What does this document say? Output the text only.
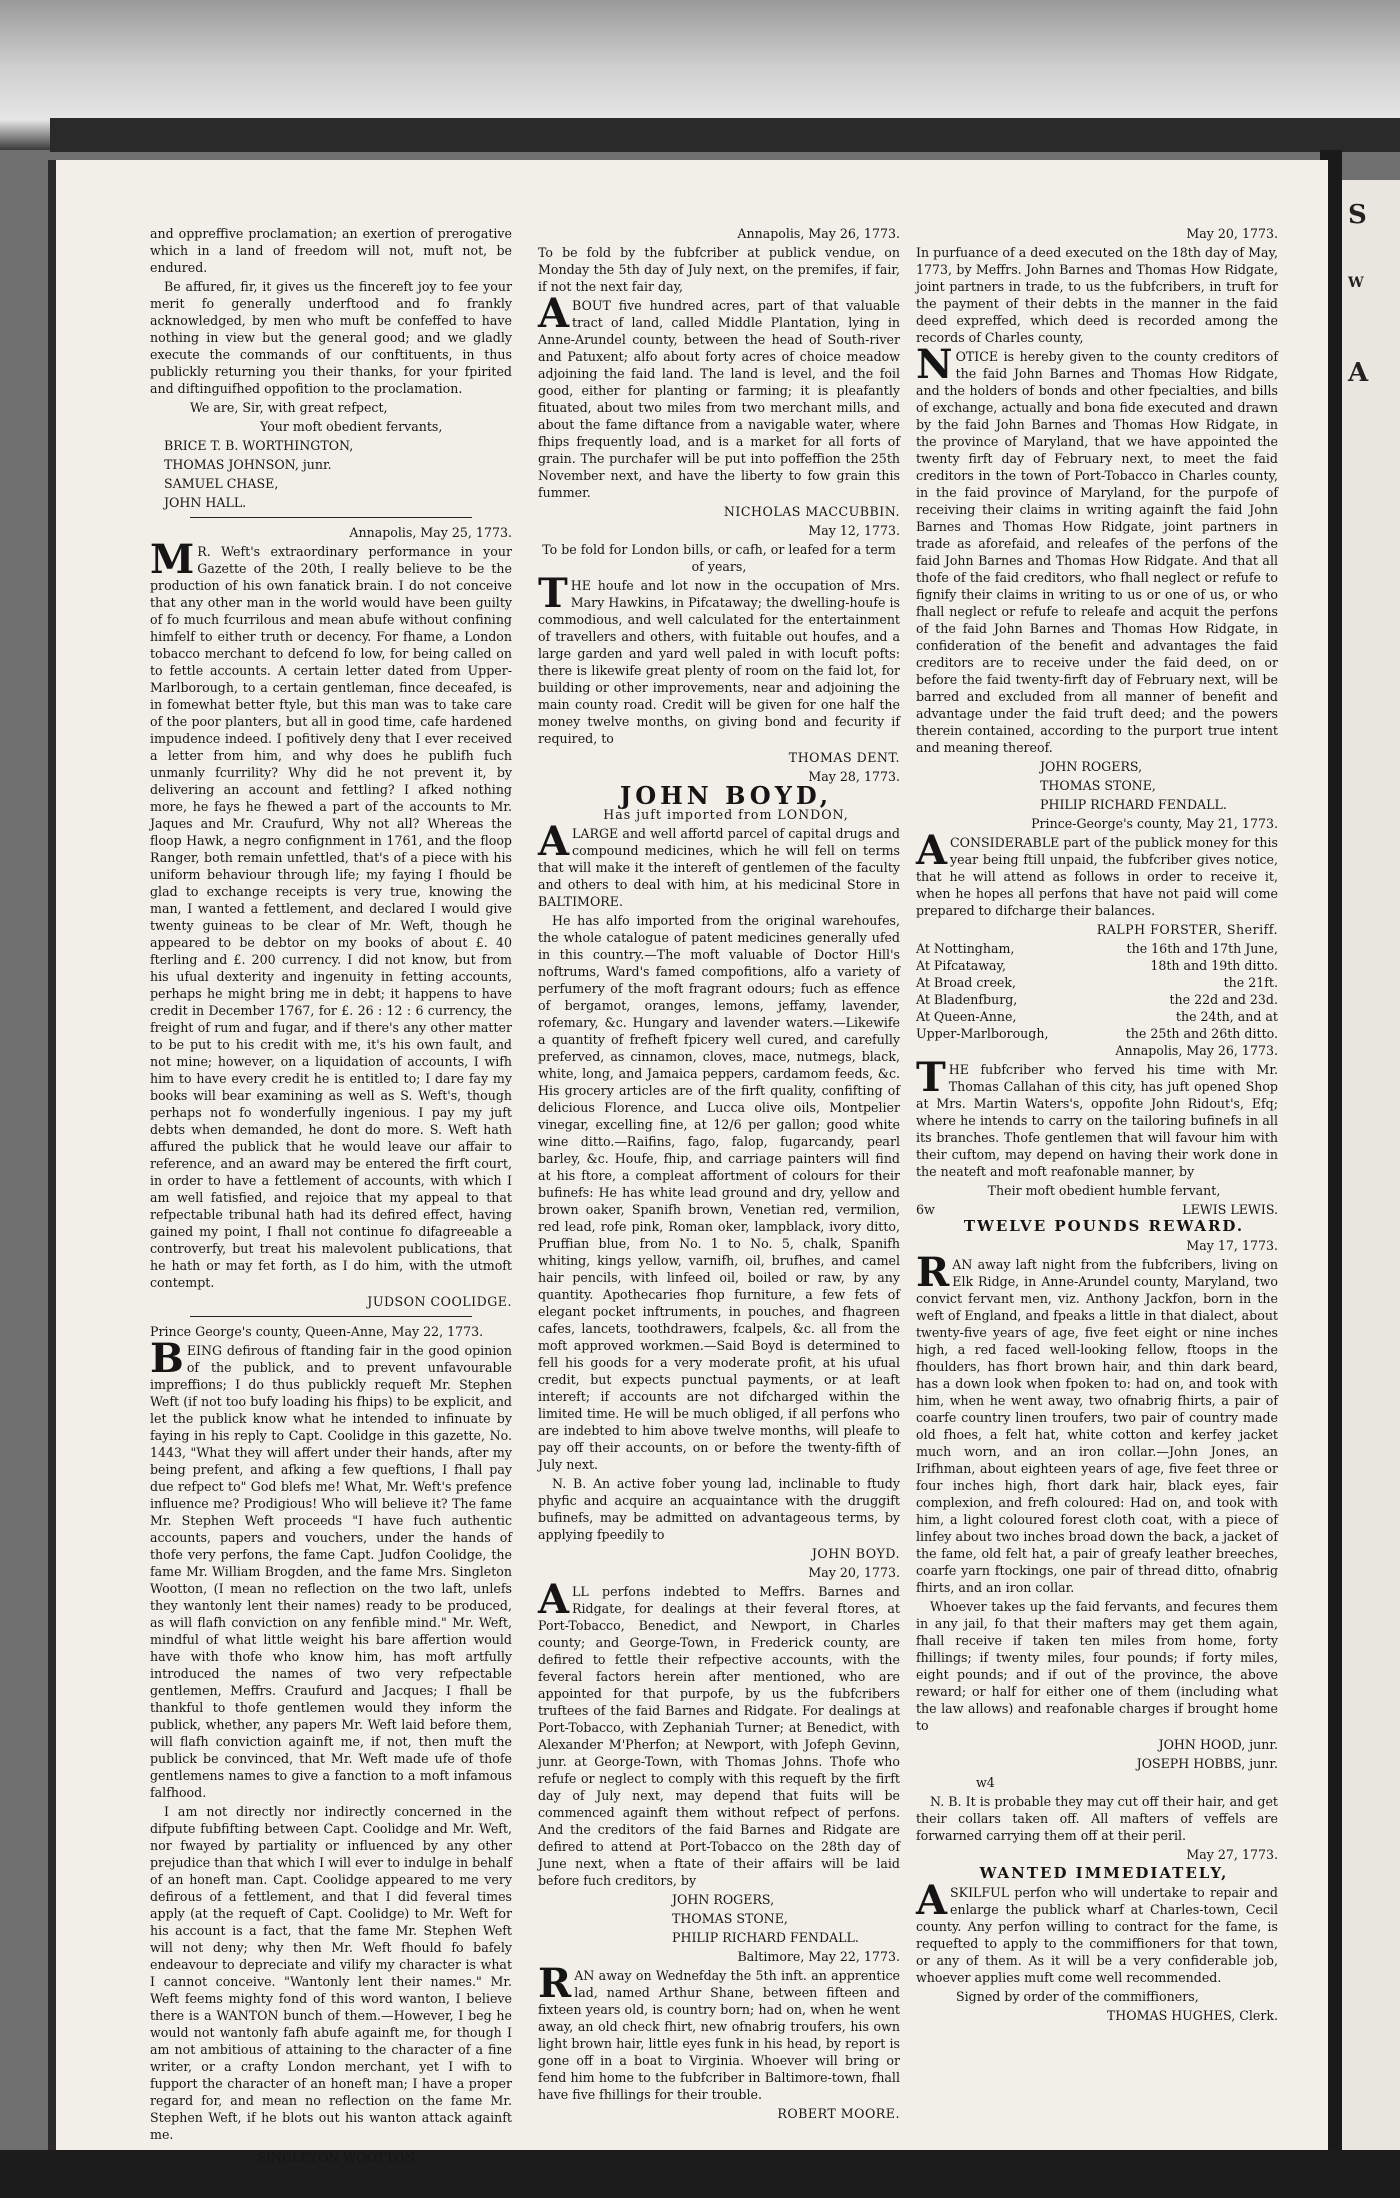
S
W
A

and oppreffive proclamation; an exertion of prerogative which in a land of freedom will not, muft not, be endured.

Be affured, fir, it gives us the fincereft joy to fee your merit fo generally underftood and fo frankly acknowledged, by men who muft be confeffed to have nothing in view but the general good; and we gladly execute the commands of our conftituents, in thus publickly returning you their thanks, for your fpirited and diftinguifhed oppofition to the proclamation.

We are, Sir, with great refpect,

Your moft obedient fervants,

BRICE T. B. WORTHINGTON,

THOMAS JOHNSON, junr.

SAMUEL CHASE,

JOHN HALL.

Annapolis, May 25, 1773.

MR. Weft's extraordinary performance in your Gazette of the 20th, I really believe to be the production of his own fanatick brain. I do not conceive that any other man in the world would have been guilty of fo much fcurrilous and mean abufe without confining himfelf to either truth or decency. For fhame, a London tobacco merchant to defcend fo low, for being called on to fettle accounts. A certain letter dated from Upper-Marlborough, to a certain gentleman, fince deceafed, is in fomewhat better ftyle, but this man was to take care of the poor planters, but all in good time, cafe hardened impudence indeed. I pofitively deny that I ever received a letter from him, and why does he publifh fuch unmanly fcurrility? Why did he not prevent it, by delivering an account and fettling? I afked nothing more, he fays he fhewed a part of the accounts to Mr. Jaques and Mr. Craufurd, Why not all? Whereas the floop Hawk, a negro confignment in 1761, and the floop Ranger, both remain unfettled, that's of a piece with his uniform behaviour through life; my faying I fhould be glad to exchange receipts is very true, knowing the man, I wanted a fettlement, and declared I would give twenty guineas to be clear of Mr. Weft, though he appeared to be debtor on my books of about £. 40 fterling and £. 200 currency. I did not know, but from his ufual dexterity and ingenuity in fetting accounts, perhaps he might bring me in debt; it happens to have credit in December 1767, for £. 26 : 12 : 6 currency, the freight of rum and fugar, and if there's any other matter to be put to his credit with me, it's his own fault, and not mine; however, on a liquidation of accounts, I wifh him to have every credit he is entitled to; I dare fay my books will bear examining as well as S. Weft's, though perhaps not fo wonderfully ingenious. I pay my juft debts when demanded, he dont do more. S. Weft hath affured the publick that he would leave our affair to reference, and an award may be entered the firft court, in order to have a fettlement of accounts, with which I am well fatisfied, and rejoice that my appeal to that refpectable tribunal hath had its defired effect, having gained my point, I fhall not continue fo difagreeable a controverfy, but treat his malevolent publications, that he hath or may fet forth, as I do him, with the utmoft contempt.

JUDSON COOLIDGE.

Prince George's county, Queen-Anne, May 22, 1773.

BEING defirous of ftanding fair in the good opinion of the publick, and to prevent unfavourable impreffions; I do thus publickly requeft Mr. Stephen Weft (if not too bufy loading his fhips) to be explicit, and let the publick know what he intended to infinuate by faying in his reply to Capt. Coolidge in this gazette, No. 1443, "What they will affert under their hands, after my being prefent, and afking a few queftions, I fhall pay due refpect to" God blefs me! What, Mr. Weft's prefence influence me? Prodigious! Who will believe it? The fame Mr. Stephen Weft proceeds "I have fuch authentic accounts, papers and vouchers, under the hands of thofe very perfons, the fame Capt. Judfon Coolidge, the fame Mr. William Brogden, and the fame Mrs. Singleton Wootton, (I mean no reflection on the two laft, unlefs they wantonly lent their names) ready to be produced, as will flafh conviction on any fenfible mind." Mr. Weft, mindful of what little weight his bare affertion would have with thofe who know him, has moft artfully introduced the names of two very refpectable gentlemen, Meffrs. Craufurd and Jacques; I fhall be thankful to thofe gentlemen would they inform the publick, whether, any papers Mr. Weft laid before them, will flafh conviction againft me, if not, then muft the publick be convinced, that Mr. Weft made ufe of thofe gentlemens names to give a fanction to a moft infamous falfhood.

I am not directly nor indirectly concerned in the difpute fubfifting between Capt. Coolidge and Mr. Weft, nor fwayed by partiality or influenced by any other prejudice than that which I will ever to indulge in behalf of an honeft man. Capt. Coolidge appeared to me very defirous of a fettlement, and that I did feveral times apply (at the requeft of Capt. Coolidge) to Mr. Weft for his account is a fact, that the fame Mr. Stephen Weft will not deny; why then Mr. Weft fhould fo bafely endeavour to depreciate and vilify my character is what I cannot conceive. "Wantonly lent their names." Mr. Weft feems mighty fond of this word wanton, I believe there is a WANTON bunch of them.—However, I beg he would not wantonly fafh abufe againft me, for though I am not ambitious of attaining to the character of a fine writer, or a crafty London merchant, yet I wifh to fupport the character of an honeft man; I have a proper regard for, and mean no reflection on the fame Mr. Stephen Weft, if he blots out his wanton attack againft me.

SINGLETON WOOTTON.

Annapolis, May 26, 1773.

To be fold by the fubfcriber at publick vendue, on Monday the 5th day of July next, on the premifes, if fair, if not the next fair day,

ABOUT five hundred acres, part of that valuable tract of land, called Middle Plantation, lying in Anne-Arundel county, between the head of South-river and Patuxent; alfo about forty acres of choice meadow adjoining the faid land. The land is level, and the foil good, either for planting or farming; it is pleafantly fituated, about two miles from two merchant mills, and about the fame diftance from a navigable water, where fhips frequently load, and is a market for all forts of grain. The purchafer will be put into poffeffion the 25th November next, and have the liberty to fow grain this fummer.

NICHOLAS MACCUBBIN.

May 12, 1773.

To be fold for London bills, or cafh, or leafed for a term of years,

THE houfe and lot now in the occupation of Mrs. Mary Hawkins, in Pifcataway; the dwelling-houfe is commodious, and well calculated for the entertainment of travellers and others, with fuitable out houfes, and a large garden and yard well paled in with locuft pofts: there is likewife great plenty of room on the faid lot, for building or other improvements, near and adjoining the main county road. Credit will be given for one half the money twelve months, on giving bond and fecurity if required, to

THOMAS DENT.

May 28, 1773.

JOHN BOYD,

Has juft imported from LONDON,

ALARGE and well affortd parcel of capital drugs and compound medicines, which he will fell on terms that will make it the intereft of gentlemen of the faculty and others to deal with him, at his medicinal Store in BALTIMORE.

He has alfo imported from the original warehoufes, the whole catalogue of patent medicines generally ufed in this country.—The moft valuable of Doctor Hill's noftrums, Ward's famed compofitions, alfo a variety of perfumery of the moft fragrant odours; fuch as effence of bergamot, oranges, lemons, jeffamy, lavender, rofemary, &c. Hungary and lavender waters.—Likewife a quantity of frefheft fpicery well cured, and carefully preferved, as cinnamon, cloves, mace, nutmegs, black, white, long, and Jamaica peppers, cardamom feeds, &c. His grocery articles are of the firft quality, confifting of delicious Florence, and Lucca olive oils, Montpelier vinegar, excelling fine, at 12/6 per gallon; good white wine ditto.—Raifins, fago, falop, fugarcandy, pearl barley, &c. Houfe, fhip, and carriage painters will find at his ftore, a compleat affortment of colours for their bufinefs: He has white lead ground and dry, yellow and brown oaker, Spanifh brown, Venetian red, vermilion, red lead, rofe pink, Roman oker, lampblack, ivory ditto, Pruffian blue, from No. 1 to No. 5, chalk, Spanifh whiting, kings yellow, varnifh, oil, brufhes, and camel hair pencils, with linfeed oil, boiled or raw, by any quantity. Apothecaries fhop furniture, a few fets of elegant pocket inftruments, in pouches, and fhagreen cafes, lancets, toothdrawers, fcalpels, &c. all from the moft approved workmen.—Said Boyd is determined to fell his goods for a very moderate profit, at his ufual credit, but expects punctual payments, or at leaft intereft; if accounts are not difcharged within the limited time. He will be much obliged, if all perfons who are indebted to him above twelve months, will pleafe to pay off their accounts, on or before the twenty-fifth of July next.

N. B. An active fober young lad, inclinable to ftudy phyfic and acquire an acquaintance with the druggift bufinefs, may be admitted on advantageous terms, by applying fpeedily to

JOHN BOYD.

May 20, 1773.

ALL perfons indebted to Meffrs. Barnes and Ridgate, for dealings at their feveral ftores, at Port-Tobacco, Benedict, and Newport, in Charles county; and George-Town, in Frederick county, are defired to fettle their refpective accounts, with the feveral factors herein after mentioned, who are appointed for that purpofe, by us the fubfcribers truftees of the faid Barnes and Ridgate. For dealings at Port-Tobacco, with Zephaniah Turner; at Benedict, with Alexander M'Pherfon; at Newport, with Jofeph Gevinn, junr. at George-Town, with Thomas Johns. Thofe who refufe or neglect to comply with this requeft by the firft day of July next, may depend that fuits will be commenced againft them without refpect of perfons. And the creditors of the faid Barnes and Ridgate are defired to attend at Port-Tobacco on the 28th day of June next, when a ftate of their affairs will be laid before fuch creditors, by

JOHN ROGERS,

THOMAS STONE,

PHILIP RICHARD FENDALL.

Baltimore, May 22, 1773.

RAN away on Wednefday the 5th inft. an apprentice lad, named Arthur Shane, between fifteen and fixteen years old, is country born; had on, when he went away, an old check fhirt, new ofnabrig troufers, his own light brown hair, little eyes funk in his head, by report is gone off in a boat to Virginia. Whoever will bring or fend him home to the fubfcriber in Baltimore-town, fhall have five fhillings for their trouble.

ROBERT MOORE.

May 20, 1773.

In purfuance of a deed executed on the 18th day of May, 1773, by Meffrs. John Barnes and Thomas How Ridgate, joint partners in trade, to us the fubfcribers, in truft for the payment of their debts in the manner in the faid deed expreffed, which deed is recorded among the records of Charles county,

NOTICE is hereby given to the county creditors of the faid John Barnes and Thomas How Ridgate, and the holders of bonds and other fpecialties, and bills of exchange, actually and bona fide executed and drawn by the faid John Barnes and Thomas How Ridgate, in the province of Maryland, that we have appointed the twenty firft day of February next, to meet the faid creditors in the town of Port-Tobacco in Charles county, in the faid province of Maryland, for the purpofe of receiving their claims in writing againft the faid John Barnes and Thomas How Ridgate, joint partners in trade as aforefaid, and releafes of the perfons of the faid John Barnes and Thomas How Ridgate. And that all thofe of the faid creditors, who fhall neglect or refufe to fignify their claims in writing to us or one of us, or who fhall neglect or refufe to releafe and acquit the perfons of the faid John Barnes and Thomas How Ridgate, in confideration of the benefit and advantages the faid creditors are to receive under the faid deed, on or before the faid twenty-firft day of February next, will be barred and excluded from all manner of benefit and advantage under the faid truft deed; and the powers therein contained, according to the purport true intent and meaning thereof.

JOHN ROGERS,

THOMAS STONE,

PHILIP RICHARD FENDALL.

Prince-George's county, May 21, 1773.

ACONSIDERABLE part of the publick money for this year being ftill unpaid, the fubfcriber gives notice, that he will attend as follows in order to receive it, when he hopes all perfons that have not paid will come prepared to difcharge their balances.

RALPH FORSTER, Sheriff.

At Nottingham,	the 16th and 17th June,
At Pifcataway,	18th and 19th ditto.
At Broad creek,	the 21ft.
At Bladenfburg,	the 22d and 23d.
At Queen-Anne,	the 24th, and at
Upper-Marlborough,	the 25th and 26th ditto.

Annapolis, May 26, 1773.

THE fubfcriber who ferved his time with Mr. Thomas Callahan of this city, has juft opened Shop at Mrs. Martin Waters's, oppofite John Ridout's, Efq; where he intends to carry on the tailoring bufinefs in all its branches. Thofe gentlemen that will favour him with their cuftom, may depend on having their work done in the neateft and moft reafonable manner, by

Their moft obedient humble fervant,

6w	LEWIS LEWIS.

TWELVE POUNDS REWARD.

May 17, 1773.

RAN away laft night from the fubfcribers, living on Elk Ridge, in Anne-Arundel county, Maryland, two convict fervant men, viz. Anthony Jackfon, born in the weft of England, and fpeaks a little in that dialect, about twenty-five years of age, five feet eight or nine inches high, a red faced well-looking fellow, ftoops in the fhoulders, has fhort brown hair, and thin dark beard, has a down look when fpoken to: had on, and took with him, when he went away, two ofnabrig fhirts, a pair of coarfe country linen troufers, two pair of country made old fhoes, a felt hat, white cotton and kerfey jacket much worn, and an iron collar.—John Jones, an Irifhman, about eighteen years of age, five feet three or four inches high, fhort dark hair, black eyes, fair complexion, and frefh coloured: Had on, and took with him, a light coloured forest cloth coat, with a piece of linfey about two inches broad down the back, a jacket of the fame, old felt hat, a pair of greafy leather breeches, coarfe yarn ftockings, one pair of thread ditto, ofnabrig fhirts, and an iron collar.

Whoever takes up the faid fervants, and fecures them in any jail, fo that their mafters may get them again, fhall receive if taken ten miles from home, forty fhillings; if twenty miles, four pounds; if forty miles, eight pounds; and if out of the province, the above reward; or half for either one of them (including what the law allows) and reafonable charges if brought home to

JOHN HOOD, junr.

JOSEPH HOBBS, junr.

w4

N. B. It is probable they may cut off their hair, and get their collars taken off. All mafters of veffels are forwarned carrying them off at their peril.

May 27, 1773.

WANTED IMMEDIATELY,

ASKILFUL perfon who will undertake to repair and enlarge the publick wharf at Charles-town, Cecil county. Any perfon willing to contract for the fame, is requefted to apply to the commiffioners for that town, or any of them. As it will be a very confiderable job, whoever applies muft come well recommended.

Signed by order of the commiffioners,

THOMAS HUGHES, Clerk.
